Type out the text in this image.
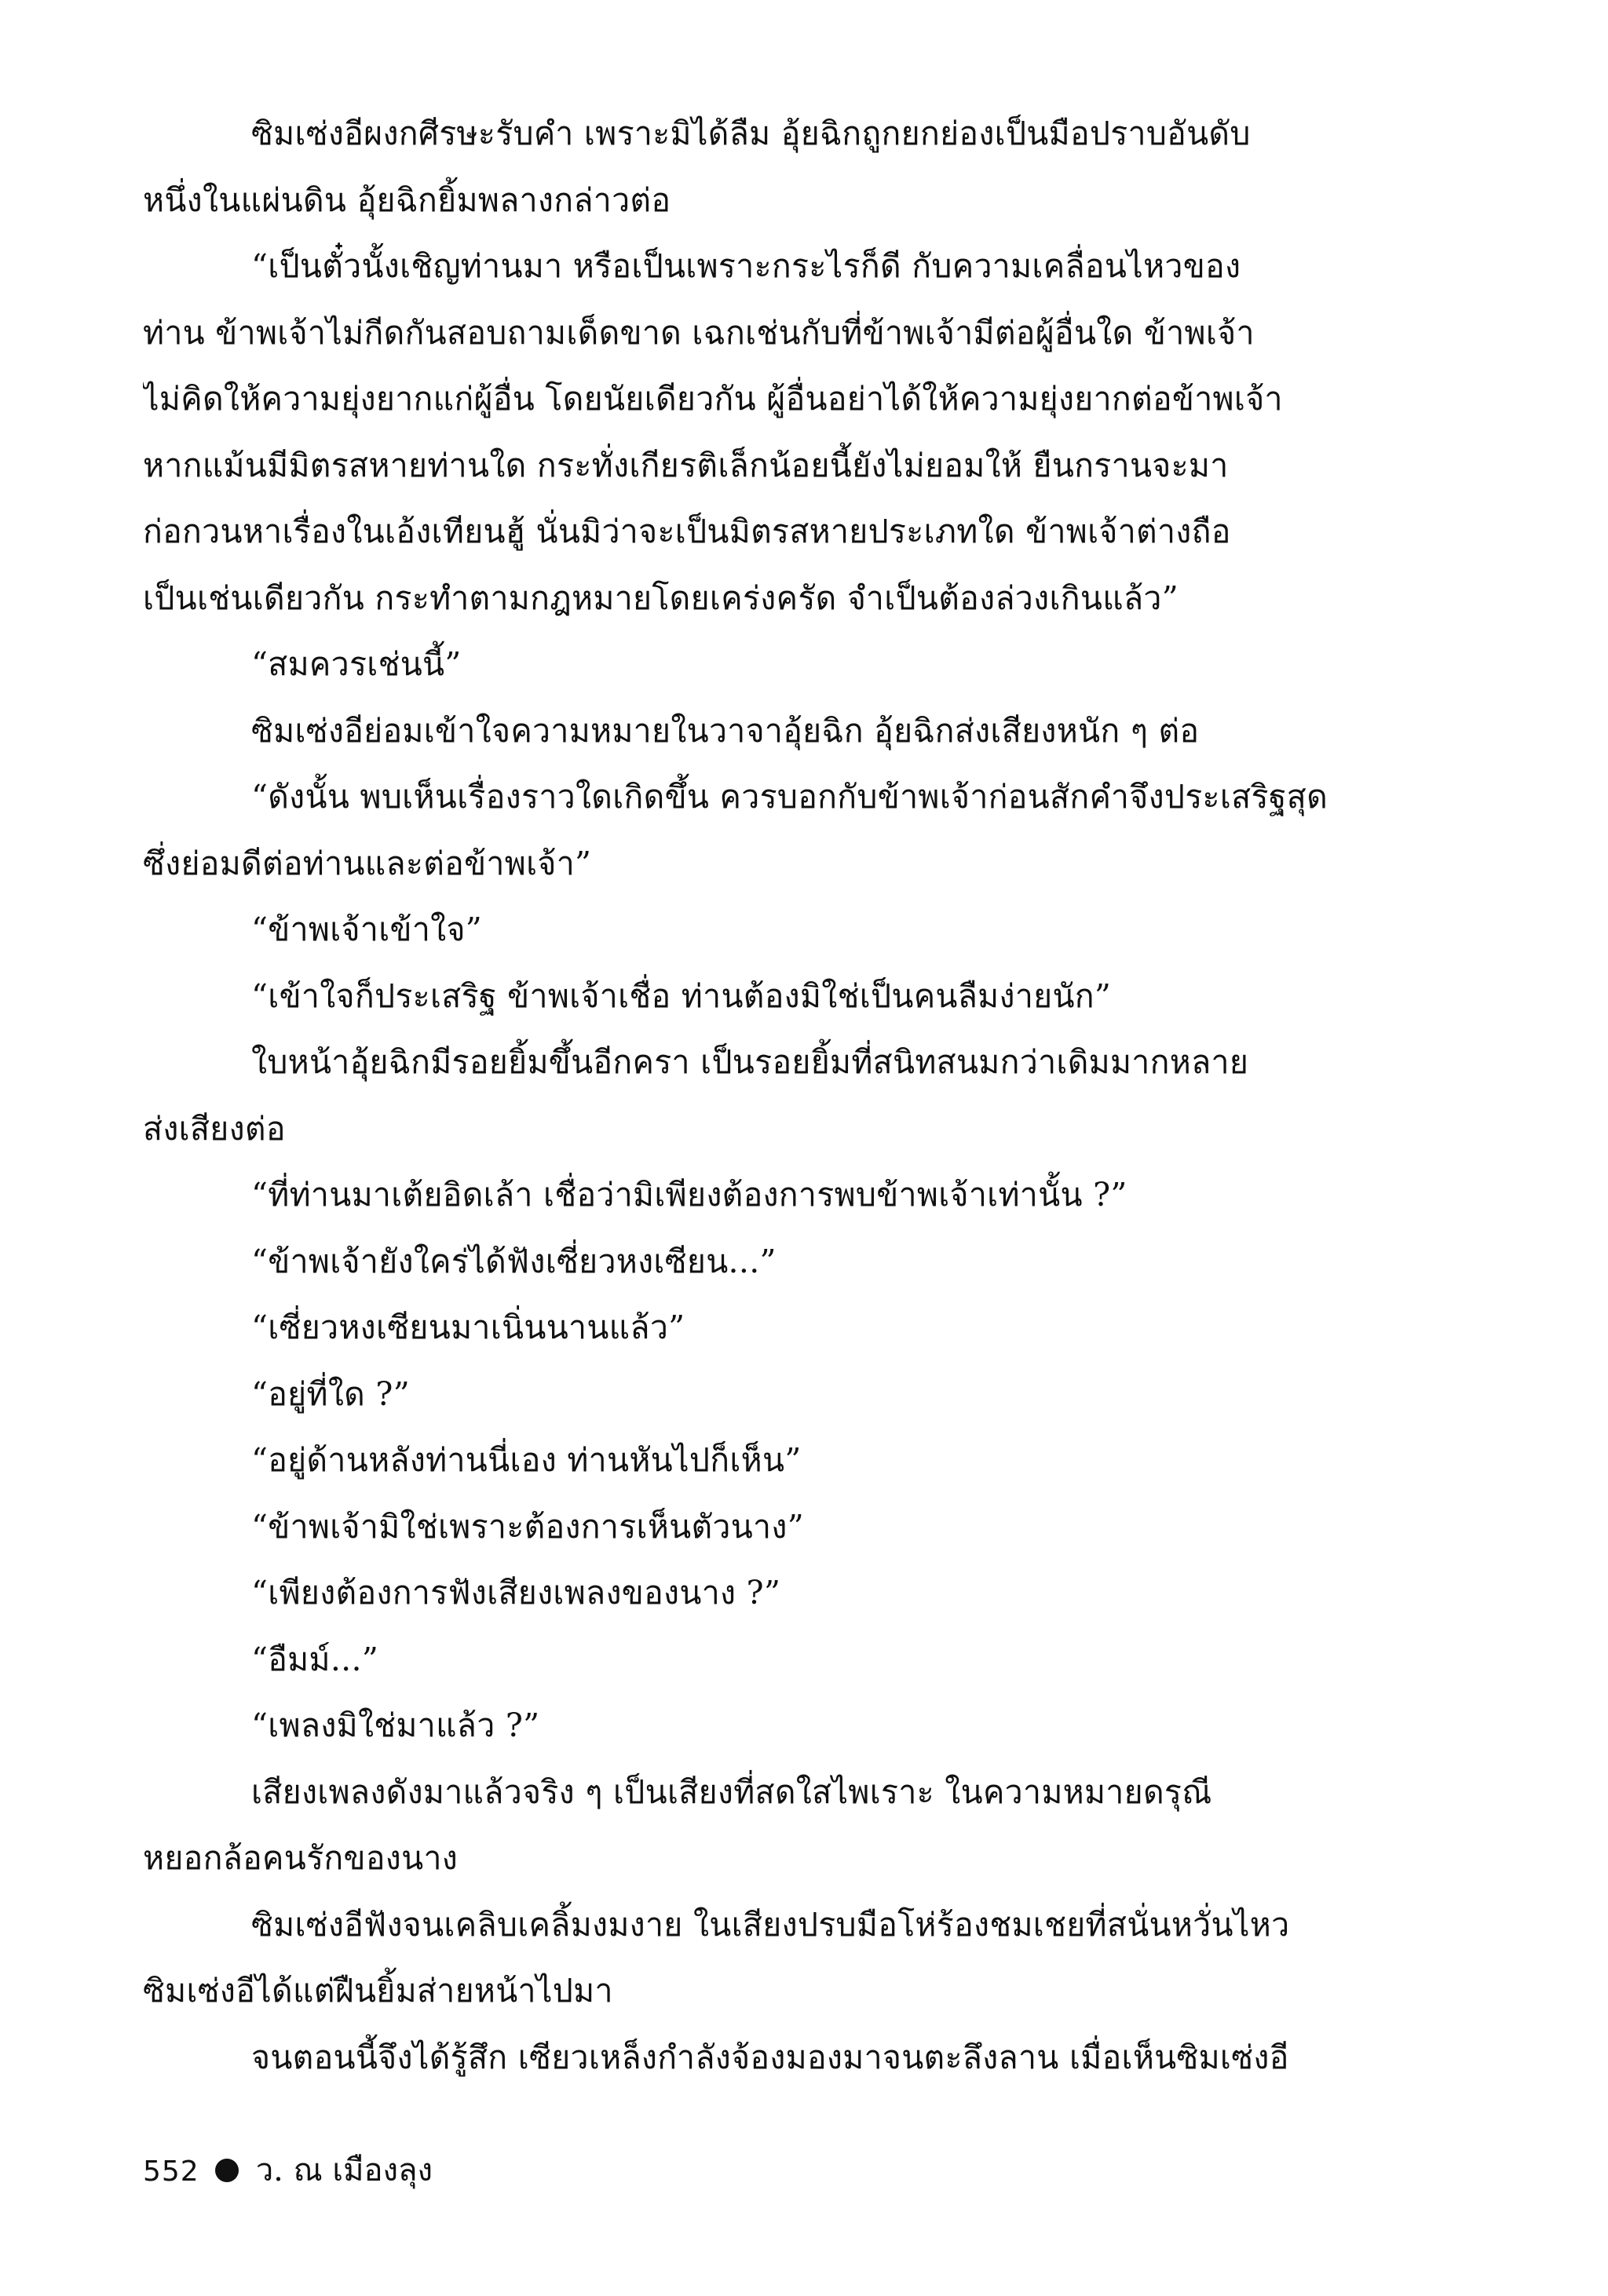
ซิมเซ่งอีผงกศีรษะรับคำ เพราะมิได้ลืม อุ้ยฉิกถูกยกย่องเป็นมือปราบอันดับ
หนึ่งในแผ่นดิน อุ้ยฉิกยิ้มพลางกล่าวต่อ
“เป็นตั๋วนั้งเชิญท่านมา หรือเป็นเพราะกระไรก็ดี กับความเคลื่อนไหวของ
ท่าน ข้าพเจ้าไม่กีดกันสอบถามเด็ดขาด เฉกเช่นกับที่ข้าพเจ้ามีต่อผู้อื่นใด ข้าพเจ้า
ไม่คิดให้ความยุ่งยากแก่ผู้อื่น โดยนัยเดียวกัน ผู้อื่นอย่าได้ให้ความยุ่งยากต่อข้าพเจ้า
หากแม้นมีมิตรสหายท่านใด กระทั่งเกียรติเล็กน้อยนี้ยังไม่ยอมให้ ยืนกรานจะมา
ก่อกวนหาเรื่องในเอ้งเทียนฮู้ นั่นมิว่าจะเป็นมิตรสหายประเภทใด ข้าพเจ้าต่างถือ
เป็นเช่นเดียวกัน กระทำตามกฎหมายโดยเคร่งครัด จำเป็นต้องล่วงเกินแล้ว”
“สมควรเช่นนี้”
ซิมเซ่งอีย่อมเข้าใจความหมายในวาจาอุ้ยฉิก อุ้ยฉิกส่งเสียงหนัก ๆ ต่อ
“ดังนั้น พบเห็นเรื่องราวใดเกิดขึ้น ควรบอกกับข้าพเจ้าก่อนสักคำจึงประเสริฐสุด
ซึ่งย่อมดีต่อท่านและต่อข้าพเจ้า”
“ข้าพเจ้าเข้าใจ”
“เข้าใจก็ประเสริฐ ข้าพเจ้าเชื่อ ท่านต้องมิใช่เป็นคนลืมง่ายนัก”
ใบหน้าอุ้ยฉิกมีรอยยิ้มขึ้นอีกครา เป็นรอยยิ้มที่สนิทสนมกว่าเดิมมากหลาย
ส่งเสียงต่อ
“ที่ท่านมาเต้ยอิดเล้า เชื่อว่ามิเพียงต้องการพบข้าพเจ้าเท่านั้น ?”
“ข้าพเจ้ายังใคร่ได้ฟังเซี่ยวหงเซียน...”
“เซี่ยวหงเซียนมาเนิ่นนานแล้ว”
“อยู่ที่ใด ?”
“อยู่ด้านหลังท่านนี่เอง ท่านหันไปก็เห็น”
“ข้าพเจ้ามิใช่เพราะต้องการเห็นตัวนาง”
“เพียงต้องการฟังเสียงเพลงของนาง ?”
“อืมม์...”
“เพลงมิใช่มาแล้ว ?”
เสียงเพลงดังมาแล้วจริง ๆ เป็นเสียงที่สดใสไพเราะ ในความหมายดรุณี
หยอกล้อคนรักของนาง
ซิมเซ่งอีฟังจนเคลิบเคลิ้มงมงาย ในเสียงปรบมือโห่ร้องชมเชยที่สนั่นหวั่นไหว
ซิมเซ่งอีได้แต่ฝืนยิ้มส่ายหน้าไปมา
จนตอนนี้จึงได้รู้สึก เซียวเหล็งกำลังจ้องมองมาจนตะลึงลาน เมื่อเห็นซิมเซ่งอี
552 ว. ณ เมืองลุง
